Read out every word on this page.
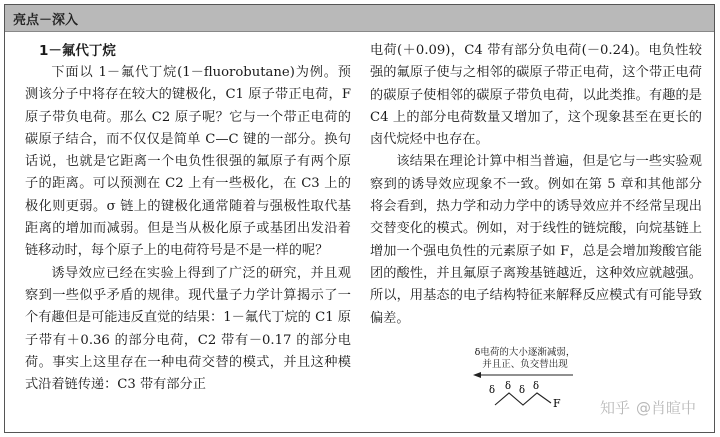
亮点－深入
1－氟代丁烷

下面以 1－氟代丁烷(1－fluorobutane)为例。预测该分子中将存在较大的键极化，C1 原子带正电荷，F 原子带负电荷。那么 C2 原子呢？它与一个带正电荷的碳原子结合，而不仅仅是简单 C—C 键的一部分。换句话说，也就是它距离一个电负性很强的氟原子有两个原子的距离。可以预测在 C2 上有一些极化，在 C3 上的极化则更弱。σ 链上的键极化通常随着与强极性取代基距离的增加而减弱。但是当从极化原子或基团出发沿着链移动时，每个原子上的电荷符号是不是一样的呢？

诱导效应已经在实验上得到了广泛的研究，并且观察到一些似乎矛盾的规律。现代量子力学计算揭示了一个有趣但是可能违反直觉的结果：1－氟代丁烷的 C1 原子带有＋0.36 的部分电荷，C2 带有－0.17 的部分电荷。事实上这里存在一种电荷交替的模式，并且这种模式沿着链传递：C3 带有部分正

电荷(＋0.09)，C4 带有部分负电荷(－0.24)。电负性较强的氟原子使与之相邻的碳原子带正电荷，这个带正电荷的碳原子使相邻的碳原子带负电荷，以此类推。有趣的是 C4 上的部分电荷数量又增加了，这个现象甚至在更长的卤代烷烃中也存在。

该结果在理论计算中相当普遍，但是它与一些实验观察到的诱导效应现象不一致。例如在第 5 章和其他部分将会看到，热力学和动力学中的诱导效应并不经常呈现出交替变化的模式。例如，对于线性的链烷酸，向烷基链上增加一个强电负性的元素原子如 F，总是会增加羧酸官能团的酸性，并且氟原子离羧基链越近，这种效应就越强。所以，用基态的电子结构特征来解释反应模式有可能导致偏差。

δ电荷的大小逐渐减弱，
并且正、负交替出现
δ δ δ δ
F	知乎 @肖暄中
